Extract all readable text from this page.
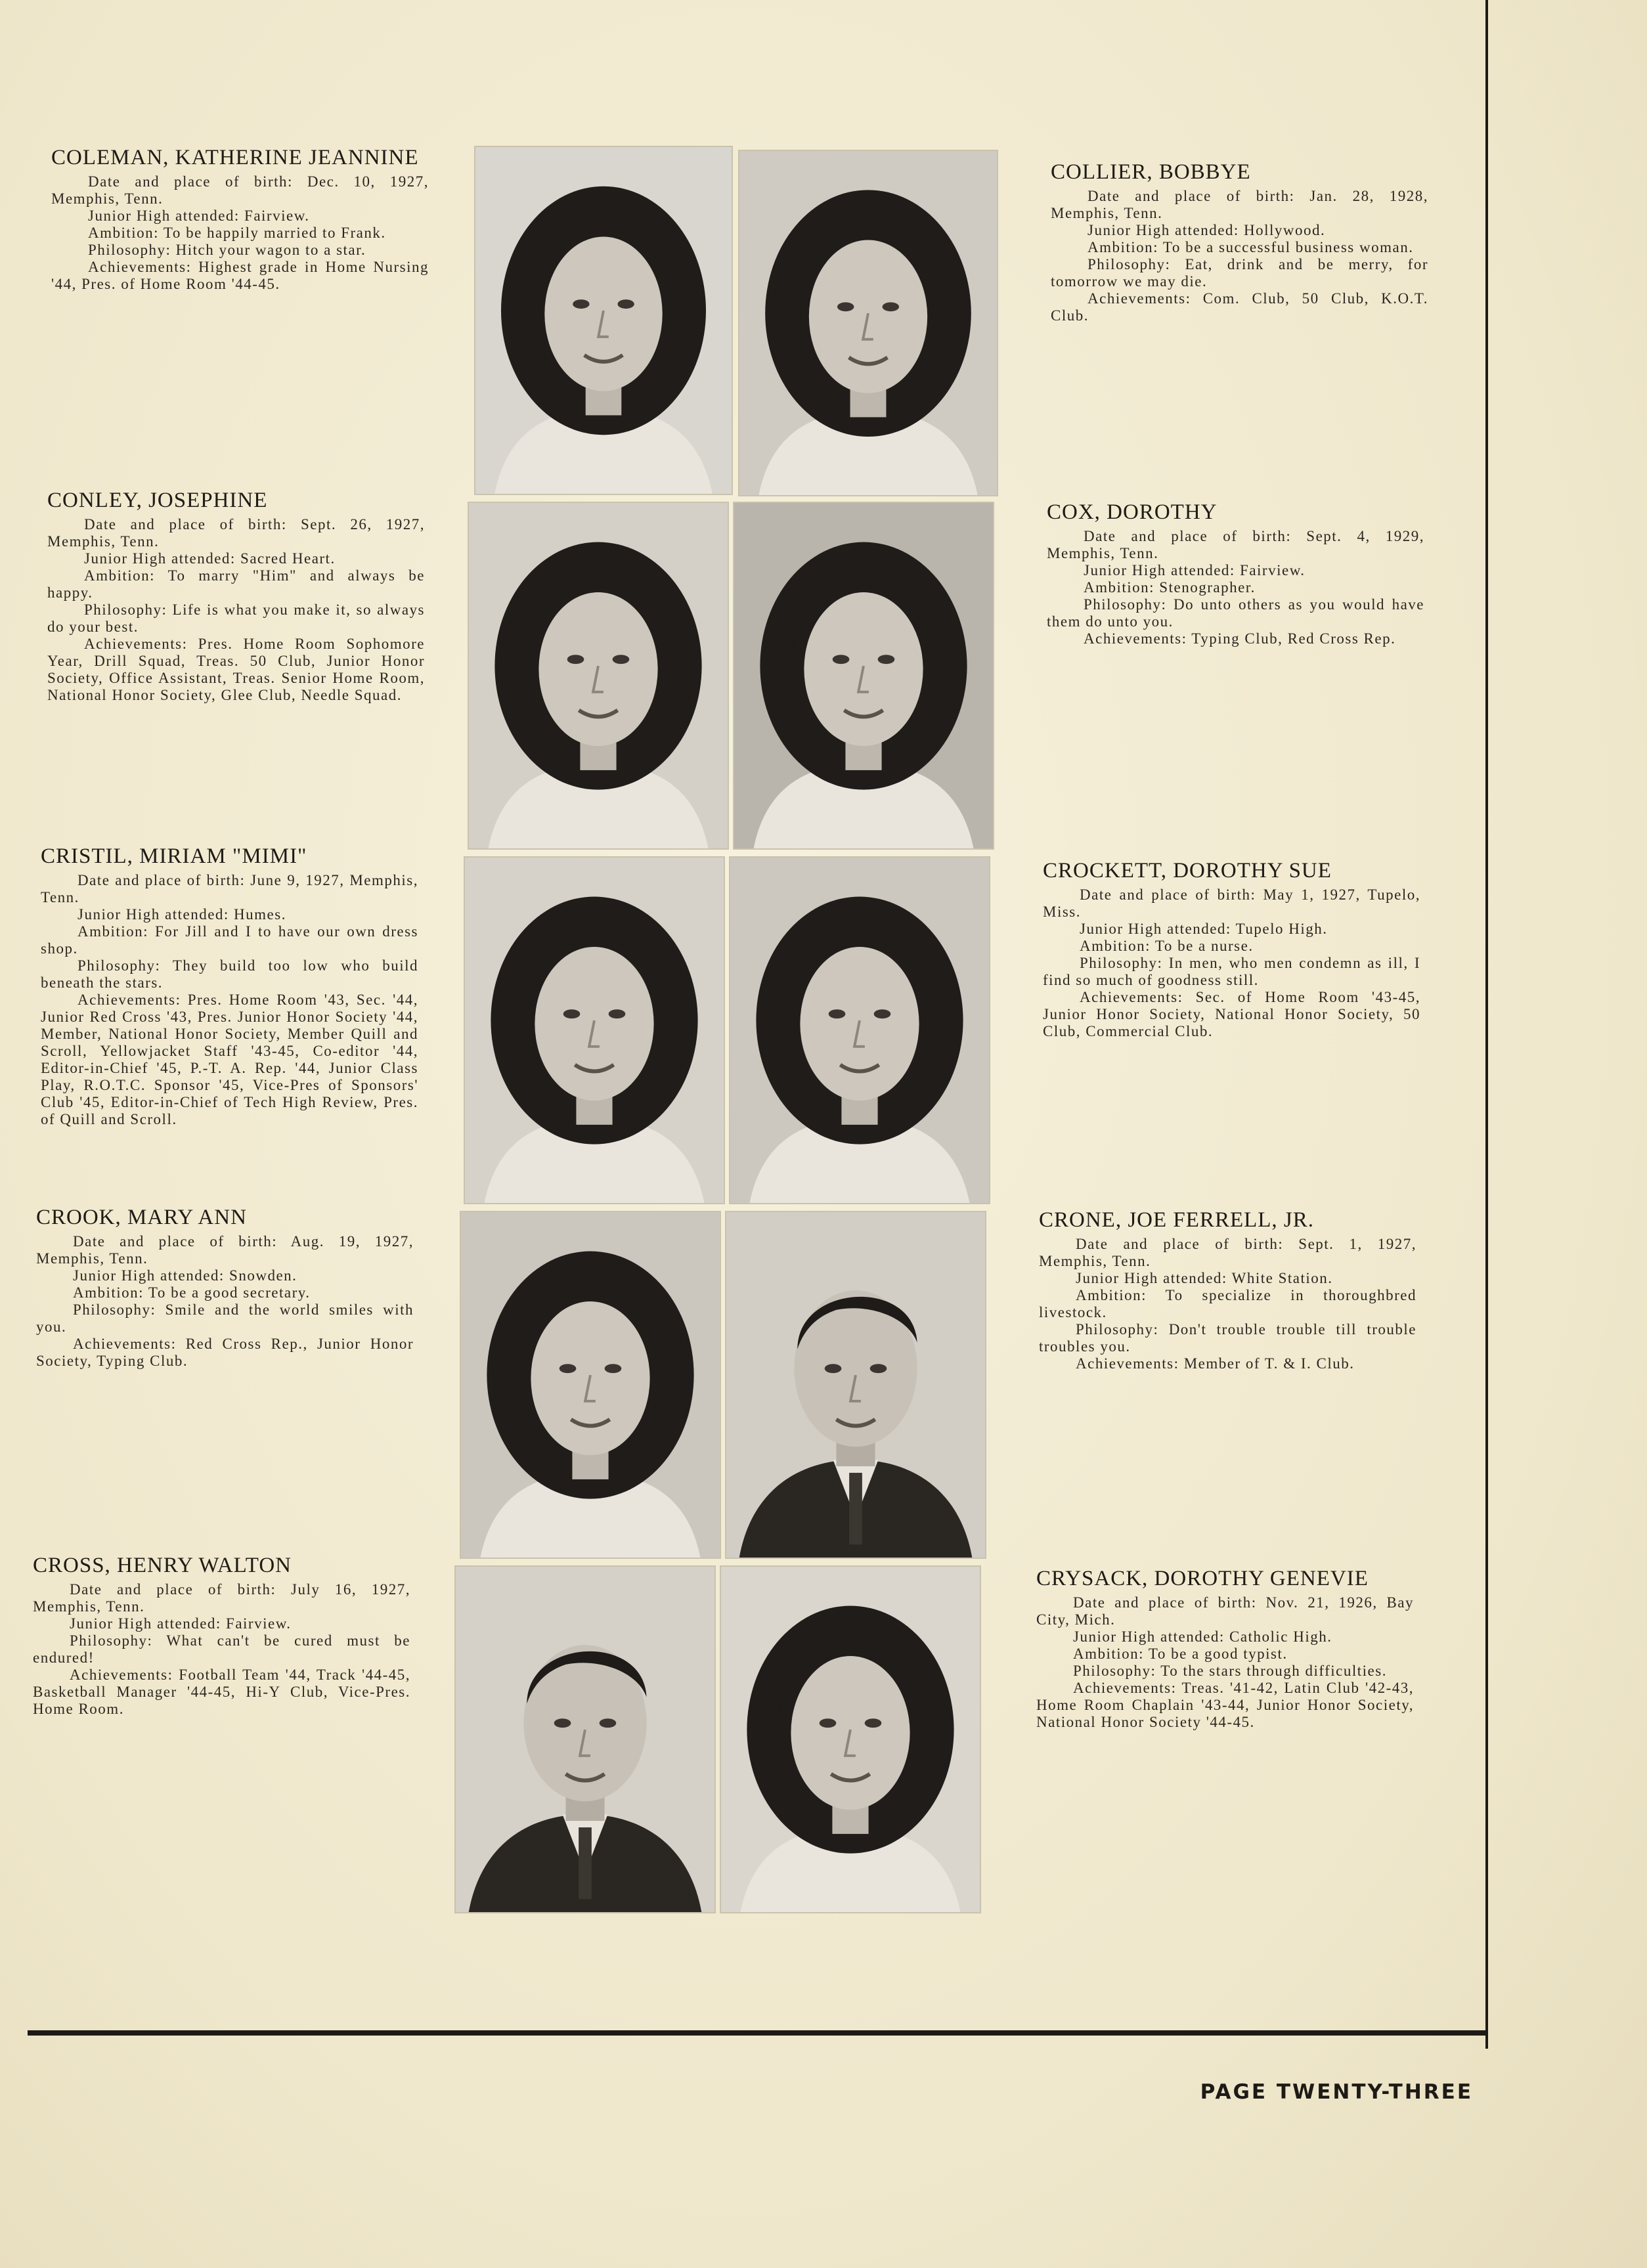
COLEMAN, KATHERINE JEANNINE

Date and place of birth: Dec. 10, 1927, Memphis, Tenn.

Junior High attended: Fairview.

Ambition: To be happily married to Frank.

Philosophy: Hitch your wagon to a star.

Achievements: Highest grade in Home Nursing '44, Pres. of Home Room '44-45.

CONLEY, JOSEPHINE

Date and place of birth: Sept. 26, 1927, Memphis, Tenn.

Junior High attended: Sacred Heart.

Ambition: To marry "Him" and always be happy.

Philosophy: Life is what you make it, so always do your best.

Achievements: Pres. Home Room Sophomore Year, Drill Squad, Treas. 50 Club, Junior Honor Society, Office Assistant, Treas. Senior Home Room, National Honor Society, Glee Club, Needle Squad.

CRISTIL, MIRIAM "MIMI"

Date and place of birth: June 9, 1927, Memphis, Tenn.

Junior High attended: Humes.

Ambition: For Jill and I to have our own dress shop.

Philosophy: They build too low who build beneath the stars.

Achievements: Pres. Home Room '43, Sec. '44, Junior Red Cross '43, Pres. Junior Honor Society '44, Member, National Honor Society, Member Quill and Scroll, Yellowjacket Staff '43-45, Co-editor '44, Editor-in-Chief '45, P.-T. A. Rep. '44, Junior Class Play, R.O.T.C. Sponsor '45, Vice-Pres of Sponsors' Club '45, Editor-in-Chief of Tech High Review, Pres. of Quill and Scroll.

CROOK, MARY ANN

Date and place of birth: Aug. 19, 1927, Memphis, Tenn.

Junior High attended: Snowden.

Ambition: To be a good secretary.

Philosophy: Smile and the world smiles with you.

Achievements: Red Cross Rep., Junior Honor Society, Typing Club.

CROSS, HENRY WALTON

Date and place of birth: July 16, 1927, Memphis, Tenn.

Junior High attended: Fairview.

Philosophy: What can't be cured must be endured!

Achievements: Football Team '44, Track '44-45, Basketball Manager '44-45, Hi-Y Club, Vice-Pres. Home Room.

COLLIER, BOBBYE

Date and place of birth: Jan. 28, 1928, Memphis, Tenn.

Junior High attended: Hollywood.

Ambition: To be a successful business woman.

Philosophy: Eat, drink and be merry, for tomorrow we may die.

Achievements: Com. Club, 50 Club, K.O.T. Club.

COX, DOROTHY

Date and place of birth: Sept. 4, 1929, Memphis, Tenn.

Junior High attended: Fairview.

Ambition: Stenographer.

Philosophy: Do unto others as you would have them do unto you.

Achievements: Typing Club, Red Cross Rep.

CROCKETT, DOROTHY SUE

Date and place of birth: May 1, 1927, Tupelo, Miss.

Junior High attended: Tupelo High.

Ambition: To be a nurse.

Philosophy: In men, who men condemn as ill, I find so much of goodness still.

Achievements: Sec. of Home Room '43-45, Junior Honor Society, National Honor Society, 50 Club, Commercial Club.

CRONE, JOE FERRELL, JR.

Date and place of birth: Sept. 1, 1927, Memphis, Tenn.

Junior High attended: White Station.

Ambition: To specialize in thoroughbred livestock.

Philosophy: Don't trouble trouble till trouble troubles you.

Achievements: Member of T. & I. Club.

CRYSACK, DOROTHY GENEVIE

Date and place of birth: Nov. 21, 1926, Bay City, Mich.

Junior High attended: Catholic High.

Ambition: To be a good typist.

Philosophy: To the stars through difficulties.

Achievements: Treas. '41-42, Latin Club '42-43, Home Room Chaplain '43-44, Junior Honor Society, National Honor Society '44-45.

PAGE TWENTY-THREE
